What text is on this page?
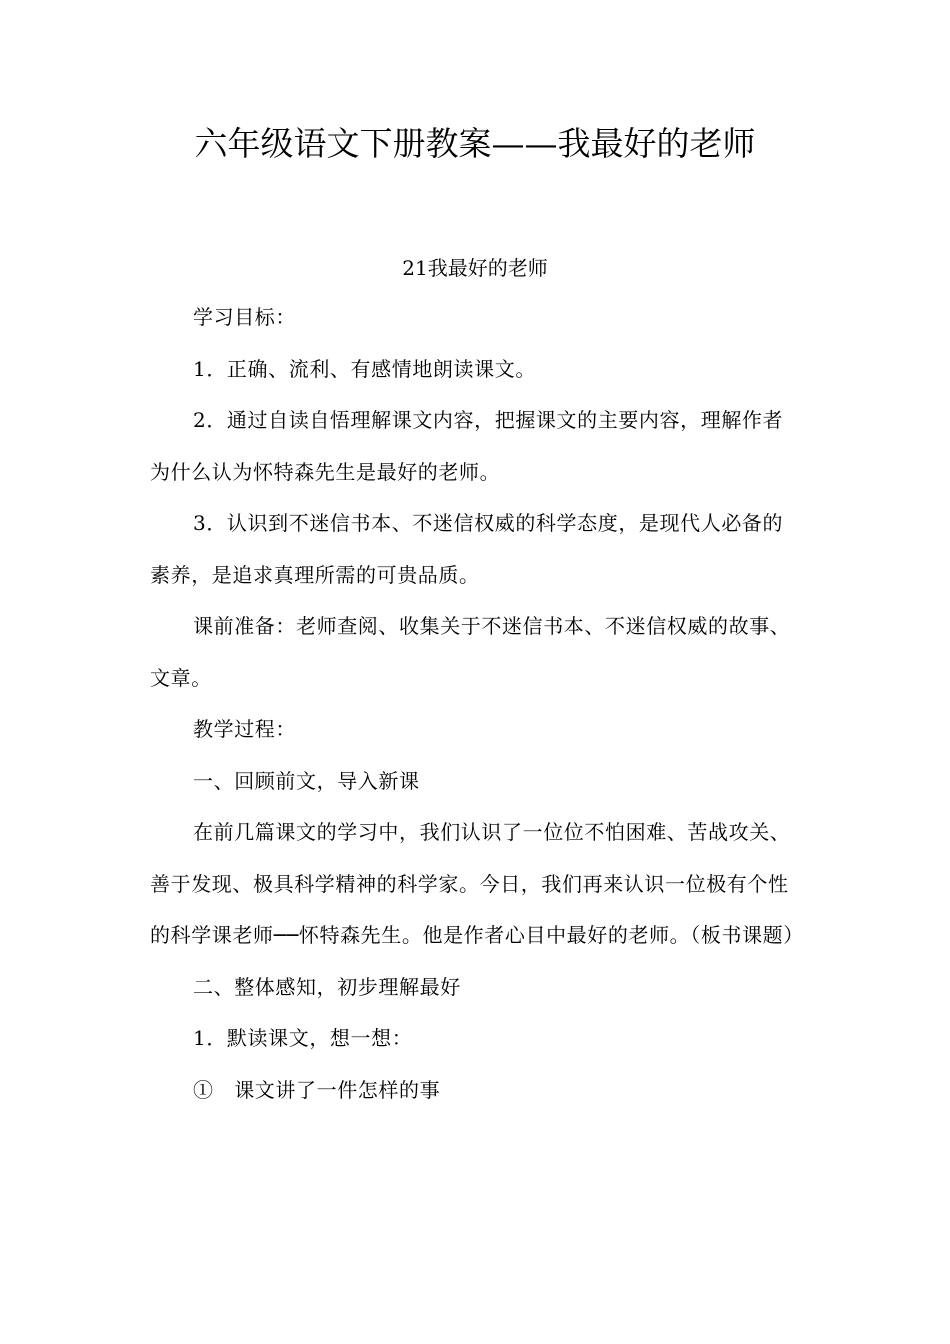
六年级语文下册教案——我最好的老师
21我最好的老师

学习目标：

1．正确、流利、有感情地朗读课文。

2．通过自读自悟理解课文内容，把握课文的主要内容，理解作者为什么认为怀特森先生是最好的老师。

3．认识到不迷信书本、不迷信权威的科学态度，是现代人必备的素养，是追求真理所需的可贵品质。

课前准备：老师查阅、收集关于不迷信书本、不迷信权威的故事、文章。

教学过程：

一、回顾前文，导入新课

在前几篇课文的学习中，我们认识了一位位不怕困难、苦战攻关、善于发现、极具科学精神的科学家。今日，我们再来认识一位极有个性的科学课老师──怀特森先生。他是作者心目中最好的老师。（板书课题）

二、整体感知，初步理解最好

1．默读课文，想一想：

①　课文讲了一件怎样的事
